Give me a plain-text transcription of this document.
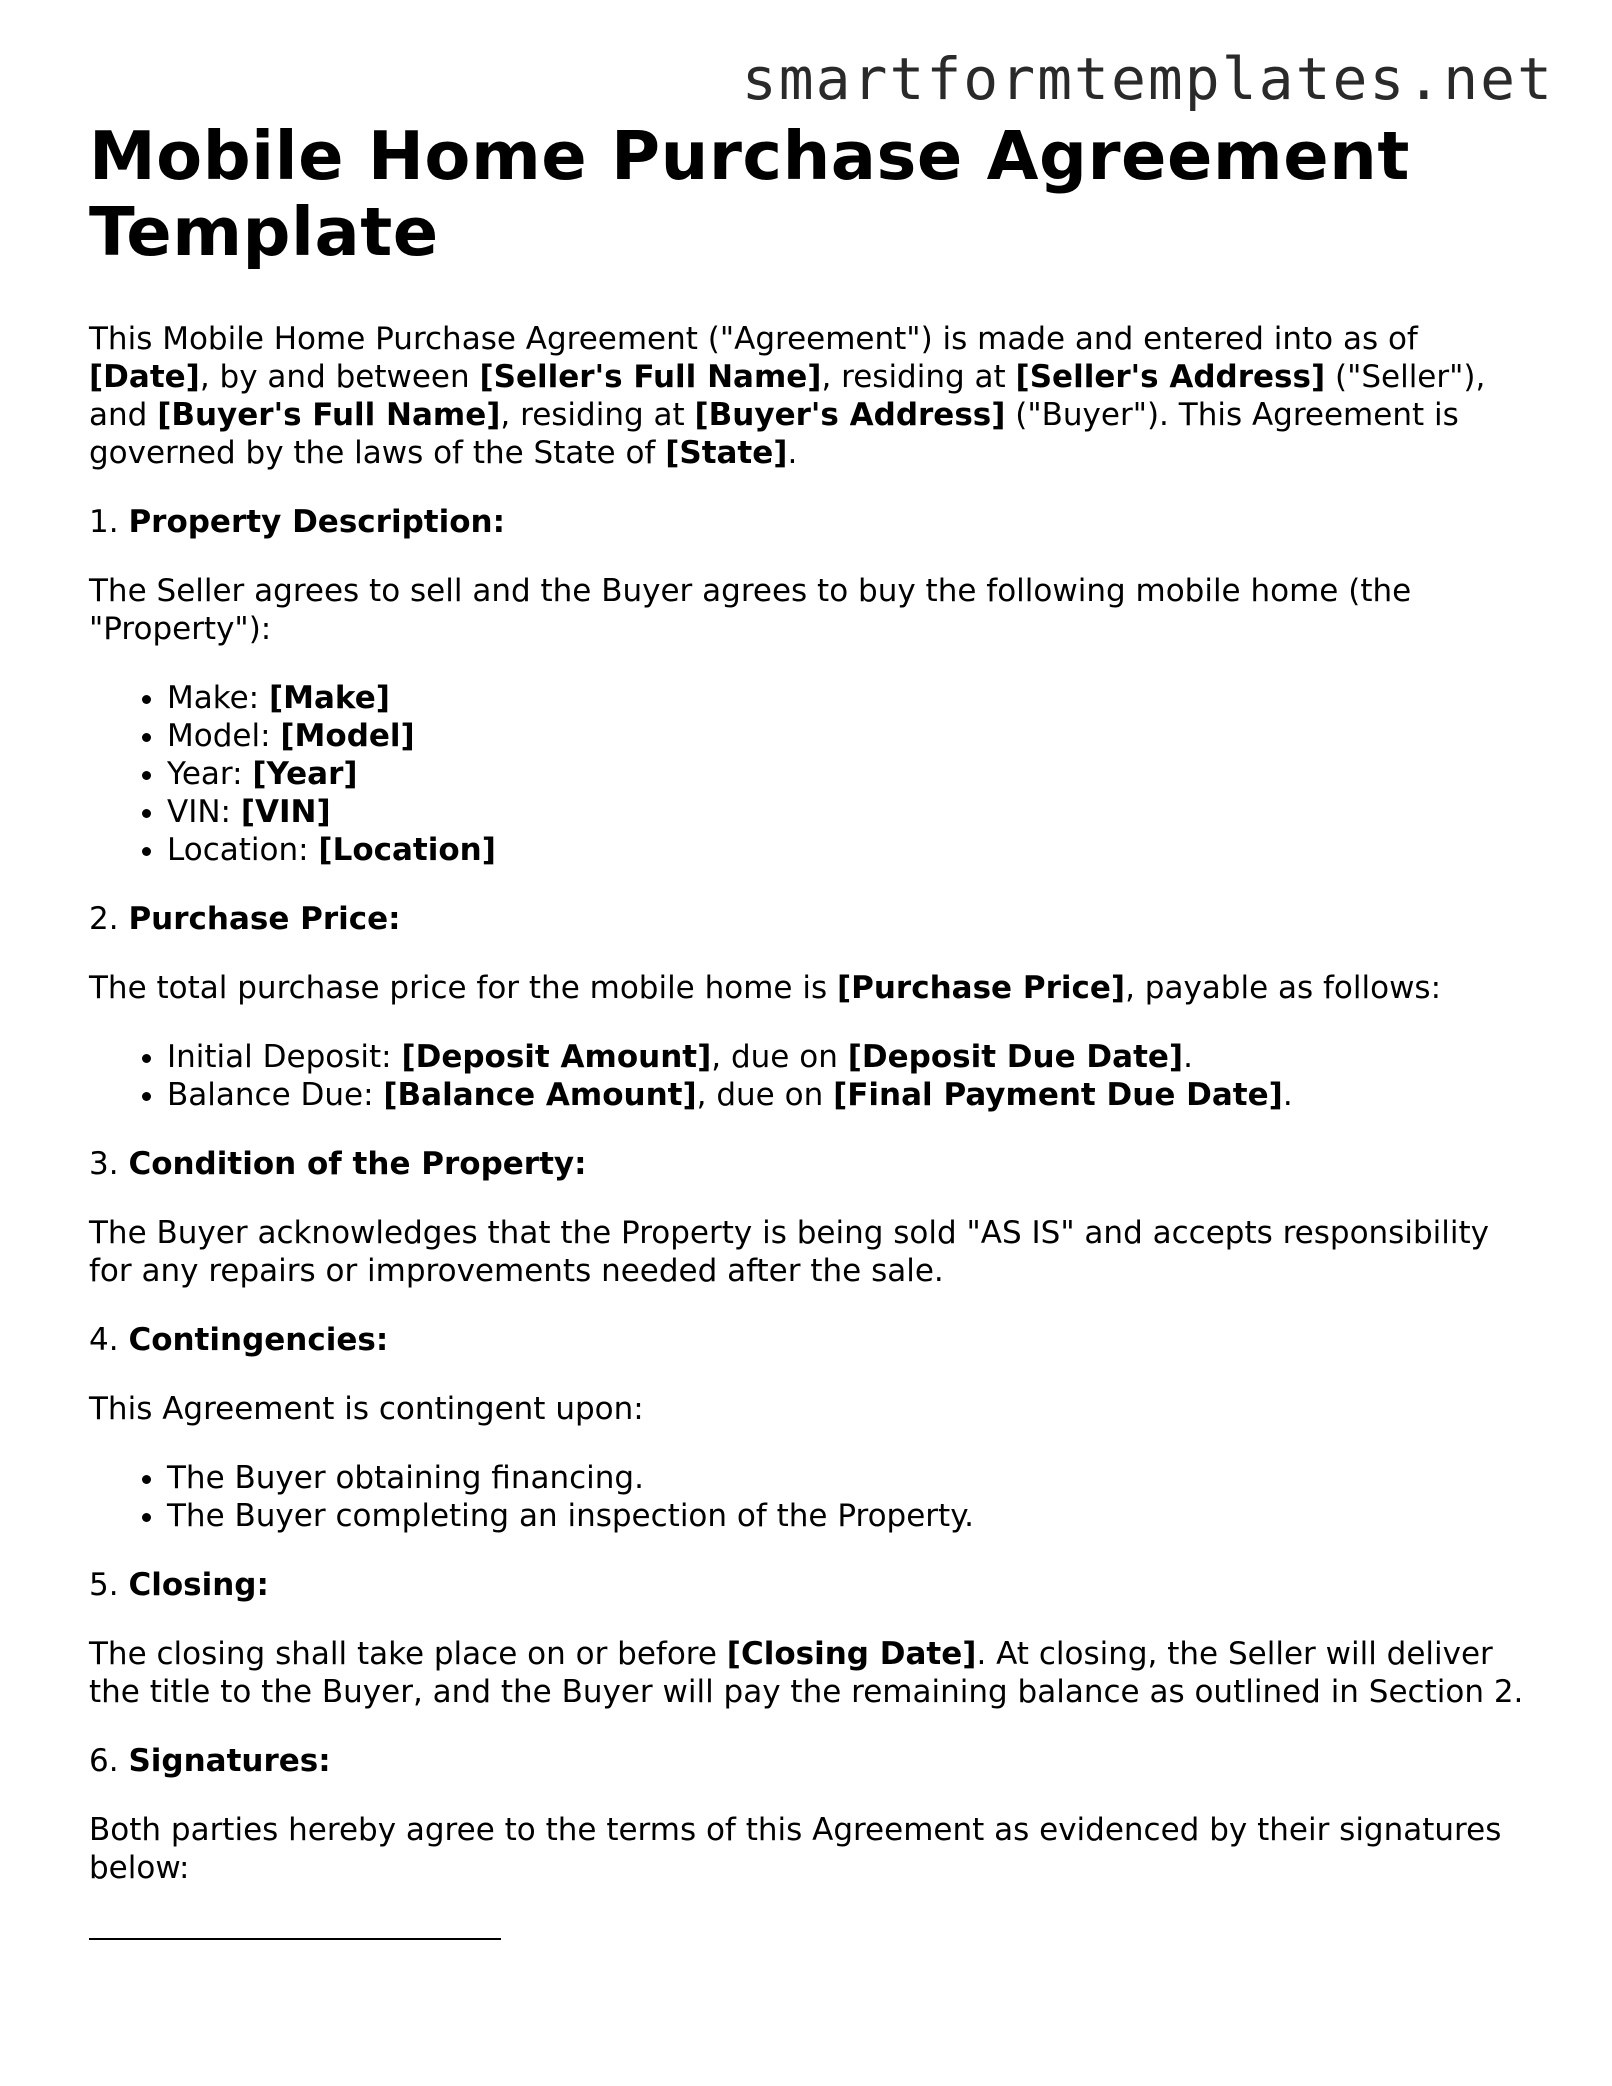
smartformtemplates.net
Mobile Home Purchase Agreement Template
This Mobile Home Purchase Agreement ("Agreement") is made and entered into as of [Date], by and between [Seller's Full Name], residing at [Seller's Address] ("Seller"), and [Buyer's Full Name], residing at [Buyer's Address] ("Buyer"). This Agreement is governed by the laws of the State of [State].
1. Property Description:
The Seller agrees to sell and the Buyer agrees to buy the following mobile home (the "Property"):
• Make: [Make]
• Model: [Model]
• Year: [Year]
• VIN: [VIN]
• Location: [Location]
2. Purchase Price:
The total purchase price for the mobile home is [Purchase Price], payable as follows:
• Initial Deposit: [Deposit Amount], due on [Deposit Due Date].
• Balance Due: [Balance Amount], due on [Final Payment Due Date].
3. Condition of the Property:
The Buyer acknowledges that the Property is being sold "AS IS" and accepts responsibility for any repairs or improvements needed after the sale.
4. Contingencies:
This Agreement is contingent upon:
• The Buyer obtaining financing.
• The Buyer completing an inspection of the Property.
5. Closing:
The closing shall take place on or before [Closing Date]. At closing, the Seller will deliver the title to the Buyer, and the Buyer will pay the remaining balance as outlined in Section 2.
6. Signatures:
Both parties hereby agree to the terms of this Agreement as evidenced by their signatures below:
